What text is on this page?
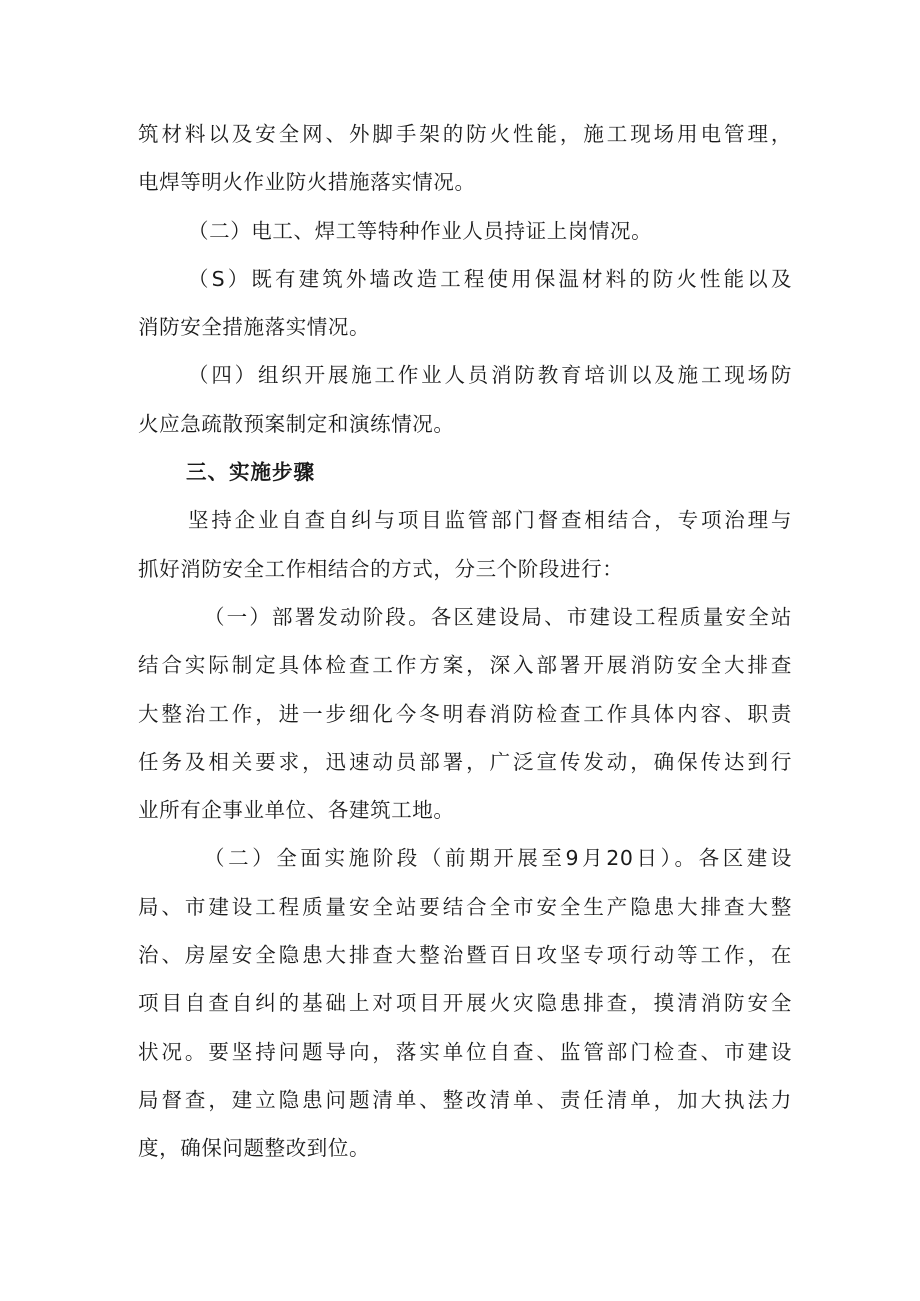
筑材料以及安全网、外脚手架的防火性能，施工现场用电管理，
电焊等明火作业防火措施落实情况。
（二）电工、焊工等特种作业人员持证上岗情况。
（S）既有建筑外墙改造工程使用保温材料的防火性能以及
消防安全措施落实情况。
（四）组织开展施工作业人员消防教育培训以及施工现场防
火应急疏散预案制定和演练情况。
三、实施步骤
坚持企业自查自纠与项目监管部门督查相结合，专项治理与
抓好消防安全工作相结合的方式，分三个阶段进行：
（一）部署发动阶段。各区建设局、市建设工程质量安全站
结合实际制定具体检查工作方案，深入部署开展消防安全大排查
大整治工作，进一步细化今冬明春消防检查工作具体内容、职责
任务及相关要求，迅速动员部署，广泛宣传发动，确保传达到行
业所有企事业单位、各建筑工地。
（二）全面实施阶段（前期开展至9月20日）。各区建设
局、市建设工程质量安全站要结合全市安全生产隐患大排查大整
治、房屋安全隐患大排查大整治暨百日攻坚专项行动等工作，在
项目自查自纠的基础上对项目开展火灾隐患排查，摸清消防安全
状况。要坚持问题导向，落实单位自查、监管部门检查、市建设
局督查，建立隐患问题清单、整改清单、责任清单，加大执法力
度，确保问题整改到位。
